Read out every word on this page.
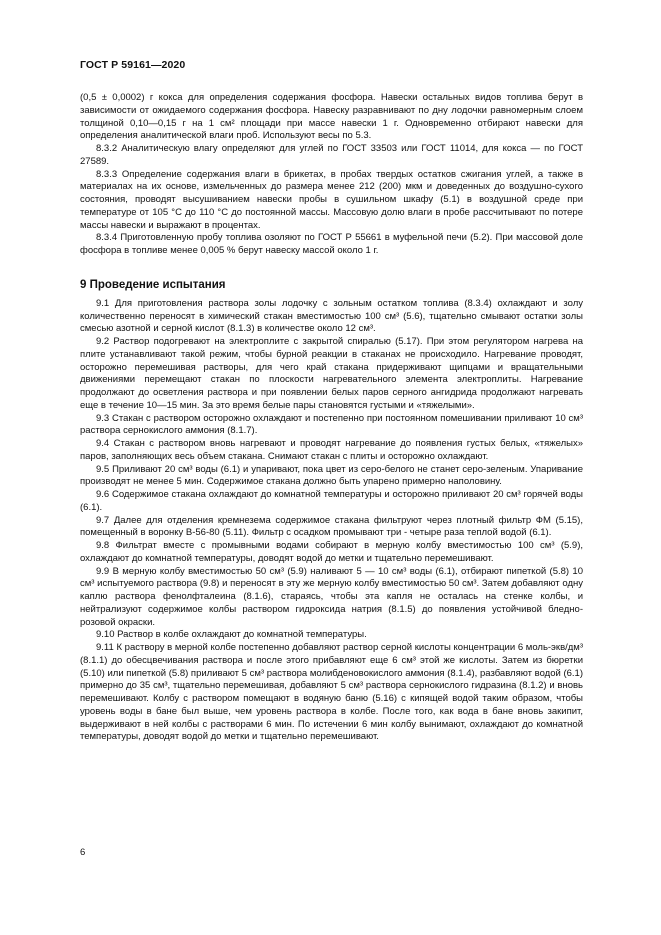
ГОСТ Р 59161—2020

(0,5 ± 0,0002) г кокса для определения содержания фосфора. Навески остальных видов топлива берут в зависимости от ожидаемого содержания фосфора. Навеску разравнивают по дну лодочки равномерным слоем толщиной 0,10—0,15 г на 1 см² площади при массе навески 1 г. Одновременно отбирают навески для определения аналитической влаги проб. Используют весы по 5.3.

8.3.2 Аналитическую влагу определяют для углей по ГОСТ 33503 или ГОСТ 11014, для кокса — по ГОСТ 27589.

8.3.3 Определение содержания влаги в брикетах, в пробах твердых остатков сжигания углей, а также в материалах на их основе, измельченных до размера менее 212 (200) мкм и доведенных до воздушно-сухого состояния, проводят высушиванием навески пробы в сушильном шкафу (5.1) в воздушной среде при температуре от 105 °С до 110 °С до постоянной массы. Массовую долю влаги в пробе рассчитывают по потере массы навески и выражают в процентах.

8.3.4 Приготовленную пробу топлива озоляют по ГОСТ Р 55661 в муфельной печи (5.2). При массовой доле фосфора в топливе менее 0,005 % берут навеску массой около 1 г.

9 Проведение испытания

9.1 Для приготовления раствора золы лодочку с зольным остатком топлива (8.3.4) охлаждают и золу количественно переносят в химический стакан вместимостью 100 см³ (5.6), тщательно смывают остатки золы смесью азотной и серной кислот (8.1.3) в количестве около 12 см³.

9.2 Раствор подогревают на электроплите с закрытой спиралью (5.17). При этом регулятором нагрева на плите устанавливают такой режим, чтобы бурной реакции в стаканах не происходило. Нагревание проводят, осторожно перемешивая растворы, для чего край стакана придерживают щипцами и вращательными движениями перемещают стакан по плоскости нагревательного элемента электроплиты. Нагревание продолжают до осветления раствора и при появлении белых паров серного ангидрида продолжают нагревать еще в течение 10—15 мин. За это время белые пары становятся густыми и «тяжелыми».

9.3 Стакан с раствором осторожно охлаждают и постепенно при постоянном помешивании приливают 10 см³ раствора сернокислого аммония (8.1.7).

9.4 Стакан с раствором вновь нагревают и проводят нагревание до появления густых белых, «тяжелых» паров, заполняющих весь объем стакана. Снимают стакан с плиты и осторожно охлаждают.

9.5 Приливают 20 см³ воды (6.1) и упаривают, пока цвет из серо-белого не станет серо-зеленым. Упаривание производят не менее 5 мин. Содержимое стакана должно быть упарено примерно наполовину.

9.6 Содержимое стакана охлаждают до комнатной температуры и осторожно приливают 20 см³ горячей воды (6.1).

9.7 Далее для отделения кремнезема содержимое стакана фильтруют через плотный фильтр ФМ (5.15), помещенный в воронку В-56-80 (5.11). Фильтр с осадком промывают три - четыре раза теплой водой (6.1).

9.8 Фильтрат вместе с промывными водами собирают в мерную колбу вместимостью 100 см³ (5.9), охлаждают до комнатной температуры, доводят водой до метки и тщательно перемешивают.

9.9 В мерную колбу вместимостью 50 см³ (5.9) наливают 5 — 10 см³ воды (6.1), отбирают пипеткой (5.8) 10 см³ испытуемого раствора (9.8) и переносят в эту же мерную колбу вместимостью 50 см³. Затем добавляют одну каплю раствора фенолфталеина (8.1.6), стараясь, чтобы эта капля не осталась на стенке колбы, и нейтрализуют содержимое колбы раствором гидроксида натрия (8.1.5) до появления устойчивой бледно-розовой окраски.

9.10 Раствор в колбе охлаждают до комнатной температуры.

9.11 К раствору в мерной колбе постепенно добавляют раствор серной кислоты концентрации 6 моль-экв/дм³ (8.1.1) до обесцвечивания раствора и после этого прибавляют еще 6 см³ этой же кислоты. Затем из бюретки (5.10) или пипеткой (5.8) приливают 5 см³ раствора молибденовокислого аммония (8.1.4), разбавляют водой (6.1) примерно до 35 см³, тщательно перемешивая, добавляют 5 см³ раствора сернокислого гидразина (8.1.2) и вновь перемешивают. Колбу с раствором помещают в водяную баню (5.16) с кипящей водой таким образом, чтобы уровень воды в бане был выше, чем уровень раствора в колбе. После того, как вода в бане вновь закипит, выдерживают в ней колбы с растворами 6 мин. По истечении 6 мин колбу вынимают, охлаждают до комнатной температуры, доводят водой до метки и тщательно перемешивают.

6
